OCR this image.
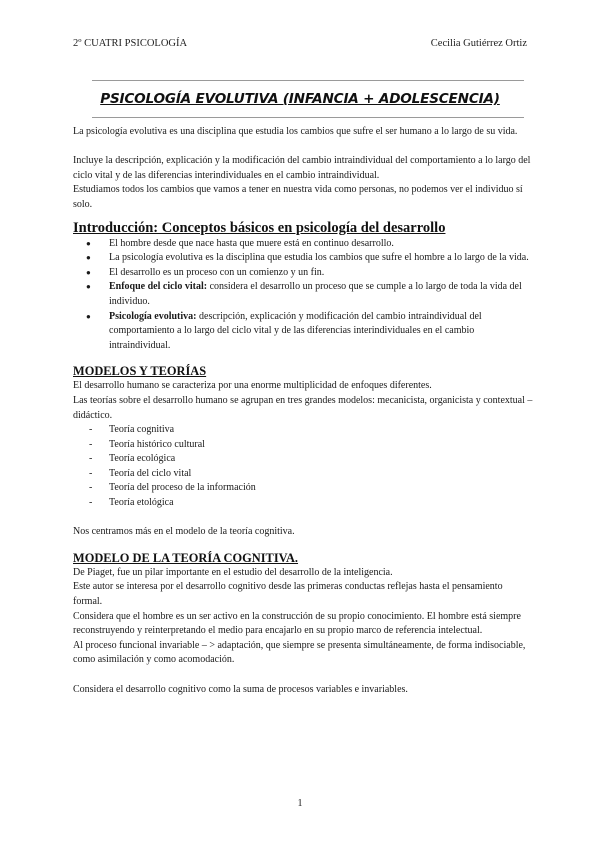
2º CUATRI PSICOLOGÍA	Cecilia Gutiérrez Ortiz
PSICOLOGÍA EVOLUTIVA (INFANCIA + ADOLESCENCIA)

La psicología evolutiva es una disciplina que estudia los cambios que sufre el ser humano a lo largo de su vida.

Incluye la descripción, explicación y la modificación del cambio intraindividual del comportamiento a lo largo del ciclo vital y de las diferencias interindividuales en el cambio intraindividual.

Estudiamos todos los cambios que vamos a tener en nuestra vida como personas, no podemos ver el individuo sí solo.

Introducción: Conceptos básicos en psicología del desarrollo
● El hombre desde que nace hasta que muere está en continuo desarrollo.
● La psicología evolutiva es la disciplina que estudia los cambios que sufre el hombre a lo largo de la vida.
● El desarrollo es un proceso con un comienzo y un fin.
● Enfoque del ciclo vital: considera el desarrollo un proceso que se cumple a lo largo de toda la vida del individuo.
● Psicología evolutiva: descripción, explicación y modificación del cambio intraindividual del comportamiento a lo largo del ciclo vital y de las diferencias interindividuales en el cambio intraindividual.
MODELOS Y TEORÍAS

El desarrollo humano se caracteriza por una enorme multiplicidad de enfoques diferentes.

Las teorías sobre el desarrollo humano se agrupan en tres grandes modelos: mecanicista, organicista y contextual – didáctico.

- Teoría cognitiva
- Teoría histórico cultural
- Teoría ecológica
- Teoría del ciclo vital
- Teoría del proceso de la información
- Teoría etológica

Nos centramos más en el modelo de la teoría cognitiva.

MODELO DE LA TEORÍA COGNITIVA.

De Piaget, fue un pilar importante en el estudio del desarrollo de la inteligencia.

Este autor se interesa por el desarrollo cognitivo desde las primeras conductas reflejas hasta el pensamiento formal.

Considera que el hombre es un ser activo en la construcción de su propio conocimiento. El hombre está siempre reconstruyendo y reinterpretando el medio para encajarlo en su propio marco de referencia intelectual.

Al proceso funcional invariable – > adaptación, que siempre se presenta simultáneamente, de forma indisociable, como asimilación y como acomodación.

Considera el desarrollo cognitivo como la suma de procesos variables e invariables.

1
